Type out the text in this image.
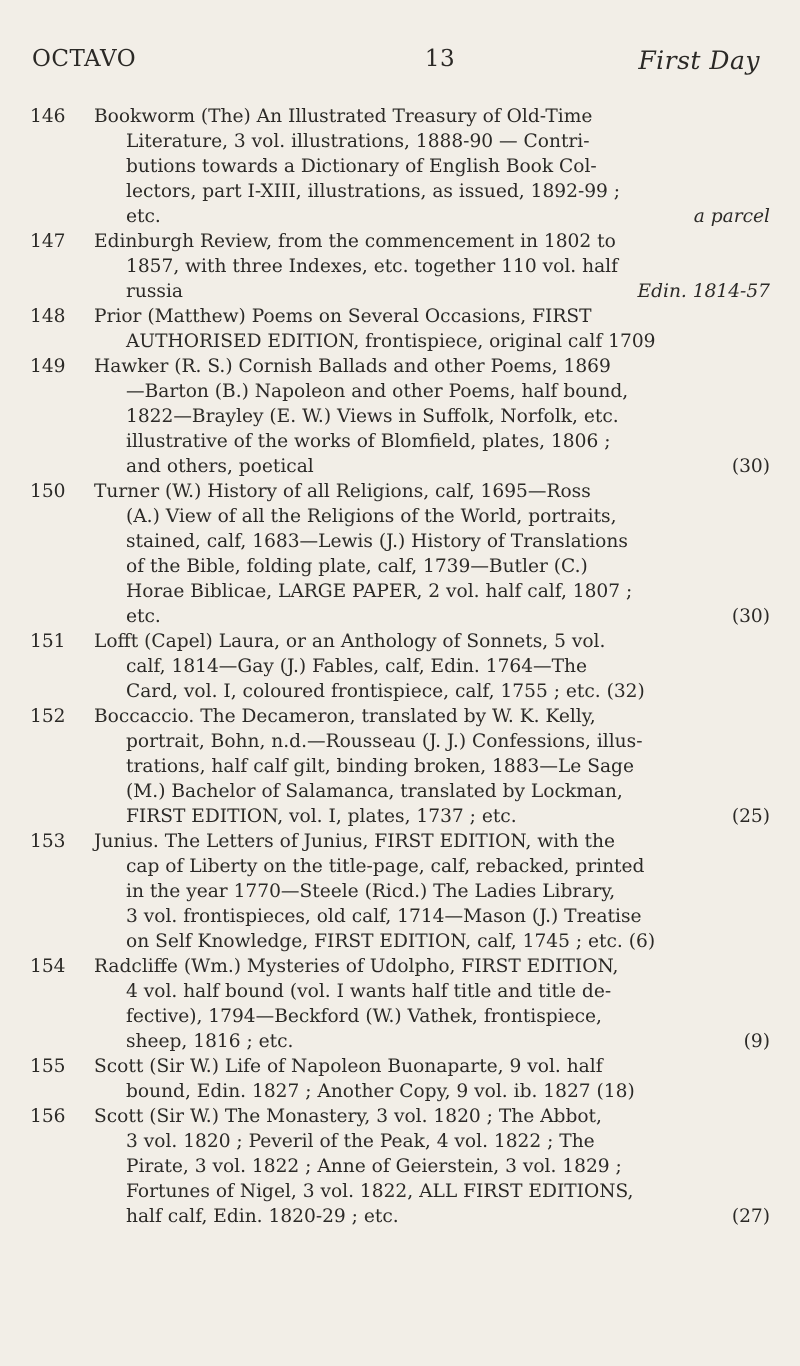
OCTAVO	13	First Day
146	Bookworm (The) An Illustrated Treasury of Old-Time
Literature, 3 vol. illustrations, 1888-90 — Contri-
butions towards a Dictionary of English Book Col-
lectors, part I-XIII, illustrations, as issued, 1892-99 ;
etc.	a parcel
147	Edinburgh Review, from the commencement in 1802 to
1857, with three Indexes, etc. together 110 vol. half
russia	Edin. 1814-57
148	Prior (Matthew) Poems on Several Occasions, FIRST
AUTHORISED EDITION, frontispiece, original calf 1709
149	Hawker (R. S.) Cornish Ballads and other Poems, 1869
—Barton (B.) Napoleon and other Poems, half bound,
1822—Brayley (E. W.) Views in Suffolk, Norfolk, etc.
illustrative of the works of Blomfield, plates, 1806 ;
and others, poetical	(30)
150	Turner (W.) History of all Religions, calf, 1695—Ross
(A.) View of all the Religions of the World, portraits,
stained, calf, 1683—Lewis (J.) History of Translations
of the Bible, folding plate, calf, 1739—Butler (C.)
Horae Biblicae, LARGE PAPER, 2 vol. half calf, 1807 ;
etc.	(30)
151	Lofft (Capel) Laura, or an Anthology of Sonnets, 5 vol.
calf, 1814—Gay (J.) Fables, calf, Edin. 1764—The
Card, vol. I, coloured frontispiece, calf, 1755 ; etc. (32)
152	Boccaccio. The Decameron, translated by W. K. Kelly,
portrait, Bohn, n.d.—Rousseau (J. J.) Confessions, illus-
trations, half calf gilt, binding broken, 1883—Le Sage
(M.) Bachelor of Salamanca, translated by Lockman,
FIRST EDITION, vol. I, plates, 1737 ; etc.	(25)
153	Junius. The Letters of Junius, FIRST EDITION, with the
cap of Liberty on the title-page, calf, rebacked, printed
in the year 1770—Steele (Ricd.) The Ladies Library,
3 vol. frontispieces, old calf, 1714—Mason (J.) Treatise
on Self Knowledge, FIRST EDITION, calf, 1745 ; etc. (6)
154	Radcliffe (Wm.) Mysteries of Udolpho, FIRST EDITION,
4 vol. half bound (vol. I wants half title and title de-
fective), 1794—Beckford (W.) Vathek, frontispiece,
sheep, 1816 ; etc.	(9)
155	Scott (Sir W.) Life of Napoleon Buonaparte, 9 vol. half
bound, Edin. 1827 ; Another Copy, 9 vol. ib. 1827 (18)
156	Scott (Sir W.) The Monastery, 3 vol. 1820 ; The Abbot,
3 vol. 1820 ; Peveril of the Peak, 4 vol. 1822 ; The
Pirate, 3 vol. 1822 ; Anne of Geierstein, 3 vol. 1829 ;
Fortunes of Nigel, 3 vol. 1822, ALL FIRST EDITIONS,
half calf, Edin. 1820-29 ; etc.	(27)
